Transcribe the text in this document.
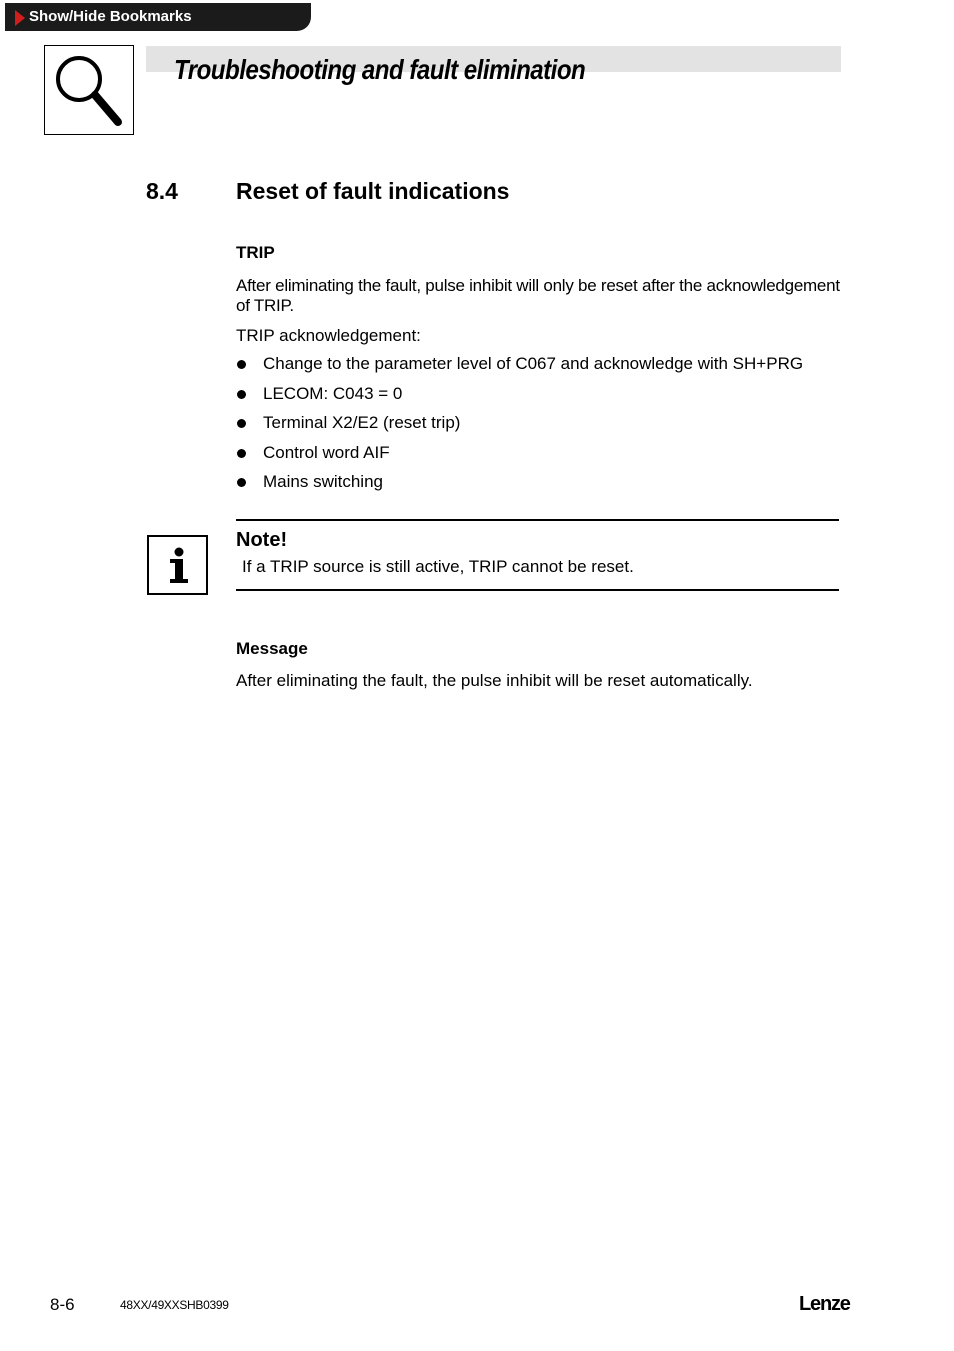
Show/Hide Bookmarks
Troubleshooting and fault elimination
8.4	Reset of fault indications
TRIP
After eliminating the fault, pulse inhibit will only be reset after the acknowledgement of TRIP.
TRIP acknowledgement:
Change to the parameter level of C067 and acknowledge with SH+PRG
LECOM: C043 = 0
Terminal X2/E2 (reset trip)
Control word AIF
Mains switching
Note!
If a TRIP source is still active, TRIP cannot be reset.
Message
After eliminating the fault, the pulse inhibit will be reset automatically.
8-6	48XX/49XXSHB0399	Lenze
